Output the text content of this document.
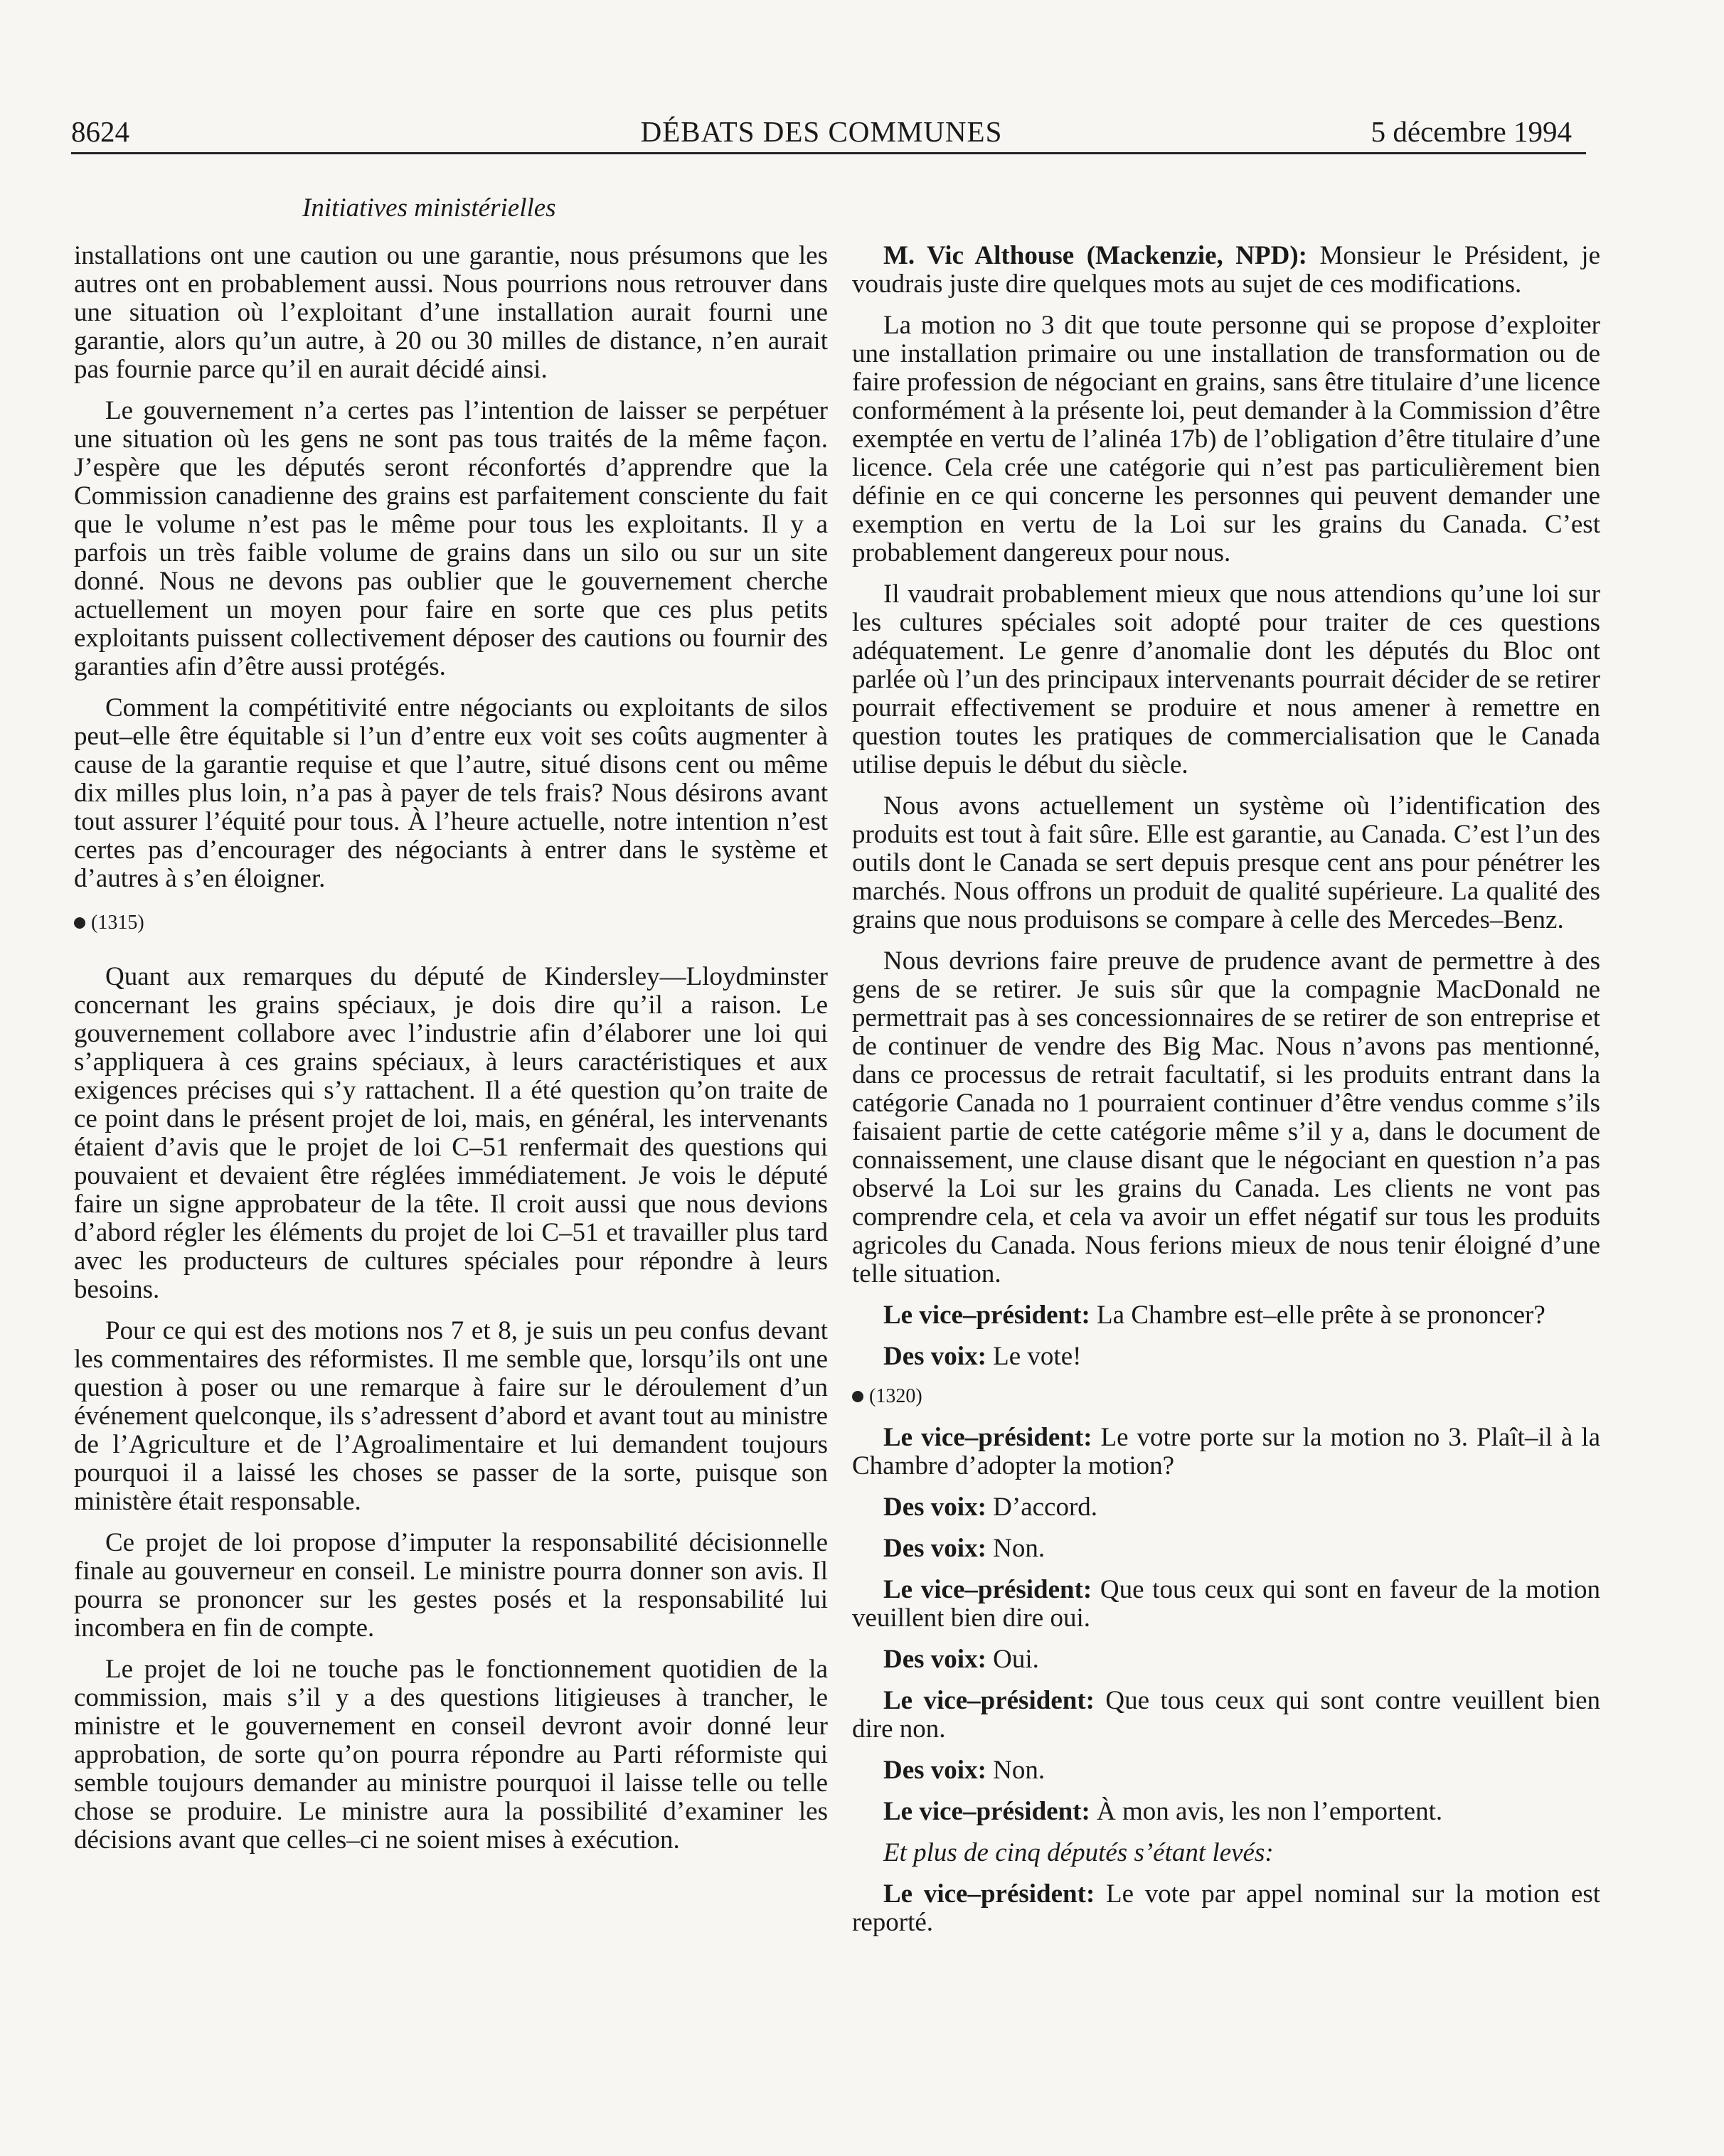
8624	DÉBATS DES COMMUNES	5 décembre 1994
Initiatives ministérielles

installations ont une caution ou une garantie, nous présumons que les autres ont en probablement aussi. Nous pourrions nous retrouver dans une situation où l’exploitant d’une installation aurait fourni une garantie, alors qu’un autre, à 20 ou 30 milles de distance, n’en aurait pas fournie parce qu’il en aurait décidé ainsi.

Le gouvernement n’a certes pas l’intention de laisser se perpétuer une situation où les gens ne sont pas tous traités de la même façon. J’espère que les députés seront réconfortés d’apprendre que la Commission canadienne des grains est parfaitement consciente du fait que le volume n’est pas le même pour tous les exploitants. Il y a parfois un très faible volume de grains dans un silo ou sur un site donné. Nous ne devons pas oublier que le gouvernement cherche actuellement un moyen pour faire en sorte que ces plus petits exploitants puissent collectivement déposer des cautions ou fournir des garanties afin d’être aussi protégés.

Comment la compétitivité entre négociants ou exploitants de silos peut–elle être équitable si l’un d’entre eux voit ses coûts augmenter à cause de la garantie requise et que l’autre, situé disons cent ou même dix milles plus loin, n’a pas à payer de tels frais? Nous désirons avant tout assurer l’équité pour tous. À l’heure actuelle, notre intention n’est certes pas d’encourager des négociants à entrer dans le système et d’autres à s’en éloigner.

(1315)

Quant aux remarques du député de Kindersley—Lloydminster concernant les grains spéciaux, je dois dire qu’il a raison. Le gouvernement collabore avec l’industrie afin d’élaborer une loi qui s’appliquera à ces grains spéciaux, à leurs caractéristiques et aux exigences précises qui s’y rattachent. Il a été question qu’on traite de ce point dans le présent projet de loi, mais, en général, les intervenants étaient d’avis que le projet de loi C–51 renfermait des questions qui pouvaient et devaient être réglées immédiatement. Je vois le député faire un signe approbateur de la tête. Il croit aussi que nous devions d’abord régler les éléments du projet de loi C–51 et travailler plus tard avec les producteurs de cultures spéciales pour répondre à leurs besoins.

Pour ce qui est des motions nos 7 et 8, je suis un peu confus devant les commentaires des réformistes. Il me semble que, lorsqu’ils ont une question à poser ou une remarque à faire sur le déroulement d’un événement quelconque, ils s’adressent d’abord et avant tout au ministre de l’Agriculture et de l’Agroalimentaire et lui demandent toujours pourquoi il a laissé les choses se passer de la sorte, puisque son ministère était responsable.

Ce projet de loi propose d’imputer la responsabilité décisionnelle finale au gouverneur en conseil. Le ministre pourra donner son avis. Il pourra se prononcer sur les gestes posés et la responsabilité lui incombera en fin de compte.

Le projet de loi ne touche pas le fonctionnement quotidien de la commission, mais s’il y a des questions litigieuses à trancher, le ministre et le gouvernement en conseil devront avoir donné leur approbation, de sorte qu’on pourra répondre au Parti réformiste qui semble toujours demander au ministre pourquoi il laisse telle ou telle chose se produire. Le ministre aura la possibilité d’examiner les décisions avant que celles–ci ne soient mises à exécution.

M. Vic Althouse (Mackenzie, NPD): Monsieur le Président, je voudrais juste dire quelques mots au sujet de ces modifications.

La motion no 3 dit que toute personne qui se propose d’exploiter une installation primaire ou une installation de transformation ou de faire profession de négociant en grains, sans être titulaire d’une licence conformément à la présente loi, peut demander à la Commission d’être exemptée en vertu de l’alinéa 17b) de l’obligation d’être titulaire d’une licence. Cela crée une catégorie qui n’est pas particulièrement bien définie en ce qui concerne les personnes qui peuvent demander une exemption en vertu de la Loi sur les grains du Canada. C’est probablement dangereux pour nous.

Il vaudrait probablement mieux que nous attendions qu’une loi sur les cultures spéciales soit adopté pour traiter de ces questions adéquatement. Le genre d’anomalie dont les députés du Bloc ont parlée où l’un des principaux intervenants pourrait décider de se retirer pourrait effectivement se produire et nous amener à remettre en question toutes les pratiques de commercialisation que le Canada utilise depuis le début du siècle.

Nous avons actuellement un système où l’identification des produits est tout à fait sûre. Elle est garantie, au Canada. C’est l’un des outils dont le Canada se sert depuis presque cent ans pour pénétrer les marchés. Nous offrons un produit de qualité supérieure. La qualité des grains que nous produisons se compare à celle des Mercedes–Benz.

Nous devrions faire preuve de prudence avant de permettre à des gens de se retirer. Je suis sûr que la compagnie MacDonald ne permettrait pas à ses concessionnaires de se retirer de son entreprise et de continuer de vendre des Big Mac. Nous n’avons pas mentionné, dans ce processus de retrait facultatif, si les produits entrant dans la catégorie Canada no 1 pourraient continuer d’être vendus comme s’ils faisaient partie de cette catégorie même s’il y a, dans le document de connaissement, une clause disant que le négociant en question n’a pas observé la Loi sur les grains du Canada. Les clients ne vont pas comprendre cela, et cela va avoir un effet négatif sur tous les produits agricoles du Canada. Nous ferions mieux de nous tenir éloigné d’une telle situation.

Le vice–président: La Chambre est–elle prête à se prononcer?

Des voix: Le vote!

(1320)

Le vice–président: Le votre porte sur la motion no 3. Plaît–il à la Chambre d’adopter la motion?

Des voix: D’accord.

Des voix: Non.

Le vice–président: Que tous ceux qui sont en faveur de la motion veuillent bien dire oui.

Des voix: Oui.

Le vice–président: Que tous ceux qui sont contre veuillent bien dire non.

Des voix: Non.

Le vice–président: À mon avis, les non l’emportent.

Et plus de cinq députés s’étant levés:

Le vice–président: Le vote par appel nominal sur la motion est reporté.
